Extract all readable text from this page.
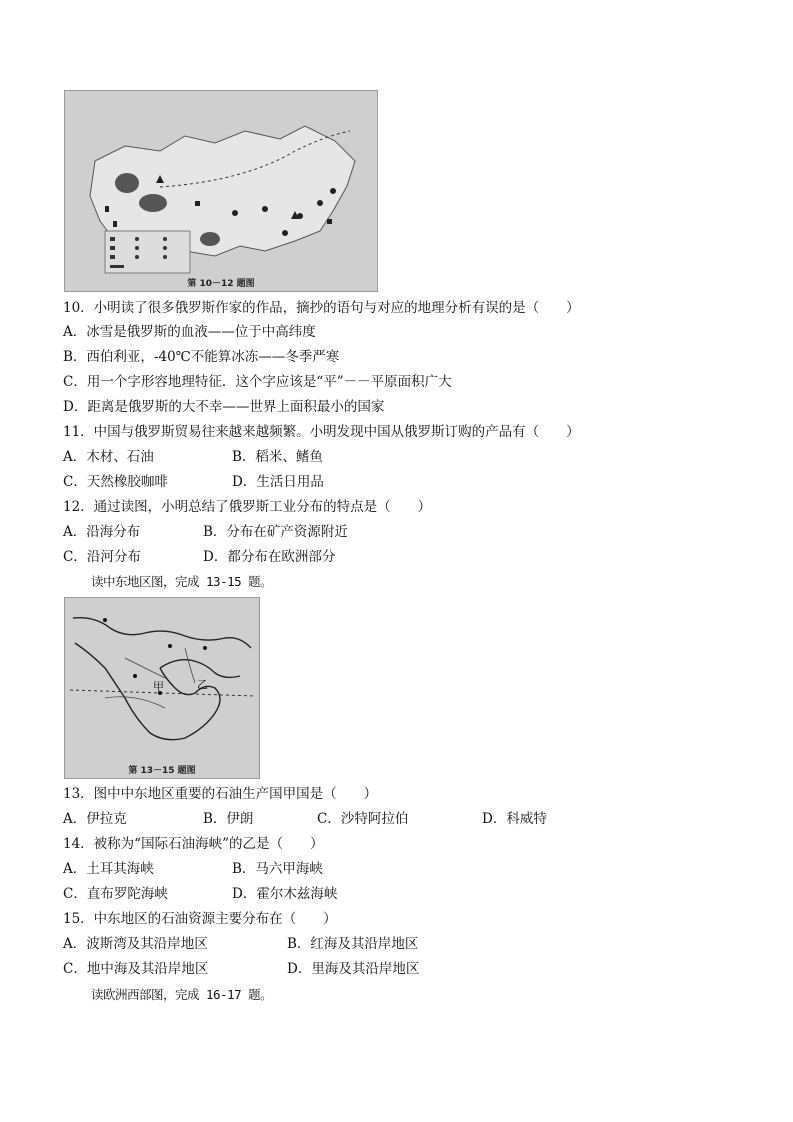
第 10－12 题图
10．小明读了很多俄罗斯作家的作品，摘抄的语句与对应的地理分析有误的是（　　）
A．冰雪是俄罗斯的血液——位于中高纬度
B．西伯利亚，-40℃不能算冰冻——冬季严寒
C．用一个字形容地理特征．这个字应该是“平”－－平原面积广大
D．距离是俄罗斯的大不幸——世界上面积最小的国家
11．中国与俄罗斯贸易往来越来越频繁。小明发现中国从俄罗斯订购的产品有（　　）
A．木材、石油	B．稻米、鳍鱼
C．天然橡胶咖啡	D．生活日用品
12．通过读图，小明总结了俄罗斯工业分布的特点是（　　）
A．沿海分布	B．分布在矿产资源附近
C．沿河分布	D．都分布在欧洲部分
读中东地区图，完成 13-15 题。
甲	乙
第 13－15 题图
13．图中中东地区重要的石油生产国甲国是（　　）
A．伊拉克	B．伊朗	C．沙特阿拉伯	D．科威特
14．被称为“国际石油海峡”的乙是（　　）
A．土耳其海峡	B．马六甲海峡
C．直布罗陀海峡	D．霍尔木兹海峡
15．中东地区的石油资源主要分布在（　　）
A．波斯湾及其沿岸地区	B．红海及其沿岸地区
C．地中海及其沿岸地区	D．里海及其沿岸地区
读欧洲西部图，完成 16-17 题。
